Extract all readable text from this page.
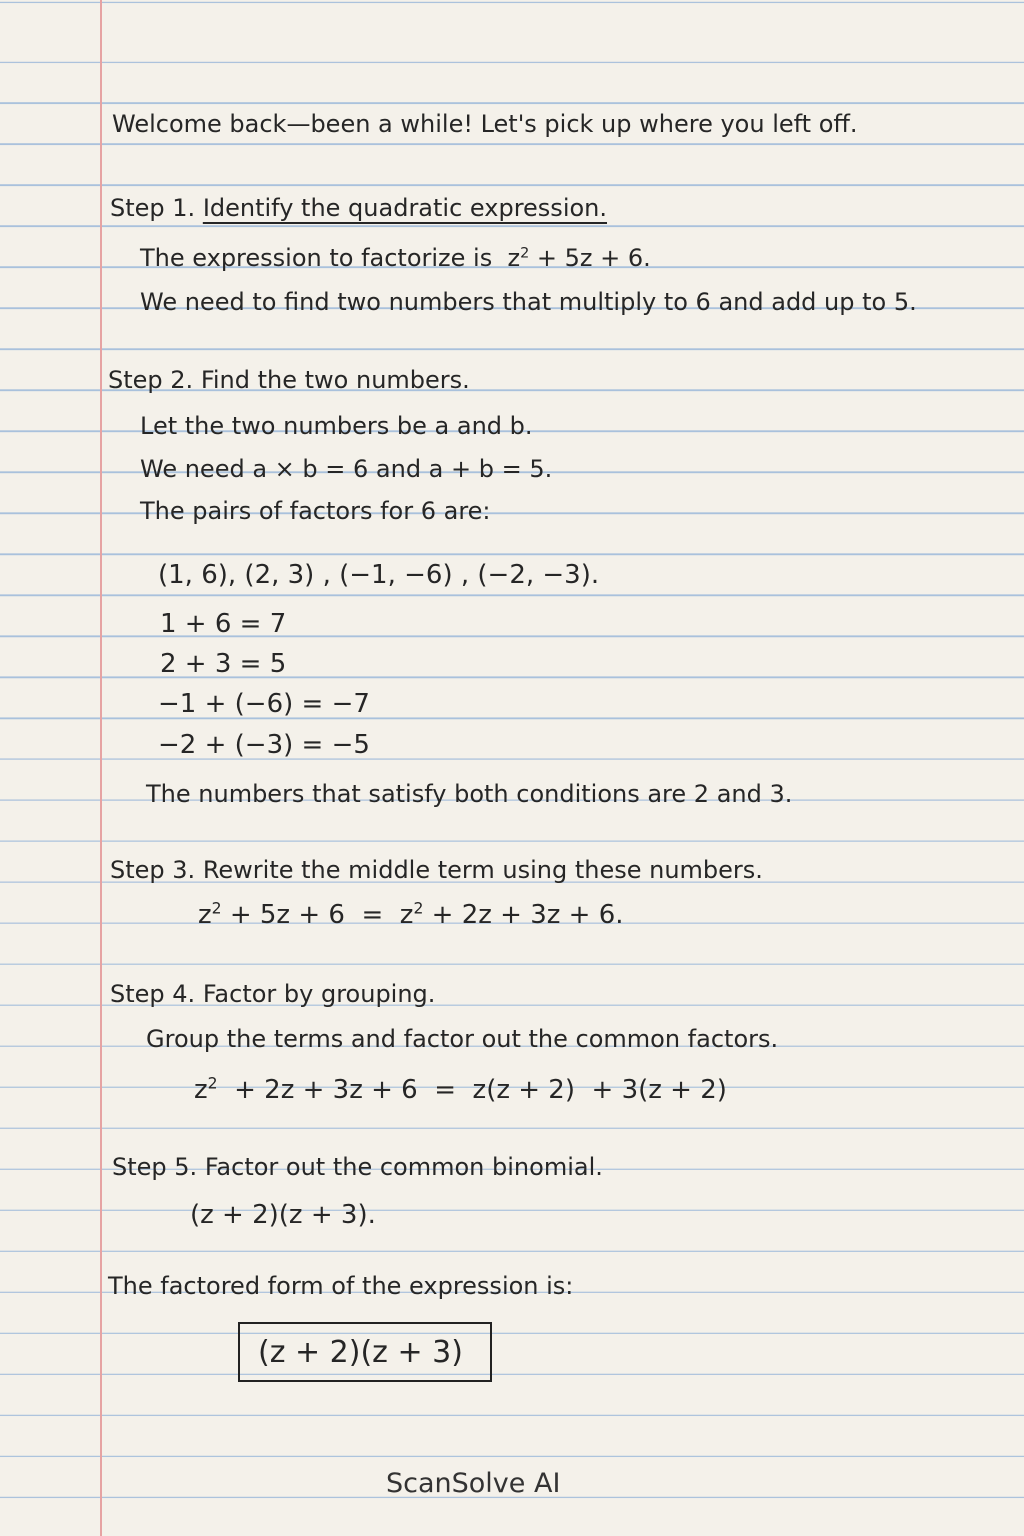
Welcome back—been a while! Let's pick up where you left off.
Step 1. Identify the quadratic expression.
The expression to factorize is $z^2 + 5z + 6$.
We need to find two numbers that multiply to 6 and add up to 5.
Step 2. Find the two numbers.
Let the two numbers be a and b.
We need a × b = 6 and a + b = 5.
The pairs of factors for 6 are:
(1, 6), (2, 3) , (−1, −6) , (−2, −3).
1 + 6 = 7
2 + 3 = 5
−1 + (−6) = −7
−2 + (−3) = −5
The numbers that satisfy both conditions are 2 and 3.
Step 3. Rewrite the middle term using these numbers.
$z^2 + 5z + 6 = z^2 + 2z + 3z + 6$.
Step 4. Factor by grouping.
Group the terms and factor out the common factors.
$z^2 + 2z + 3z + 6 = z(z + 2) + 3(z + 2)$
Step 5. Factor out the common binomial.
(z + 2)(z + 3).
The factored form of the expression is:
(z + 2)(z + 3)
ScanSolve AI
